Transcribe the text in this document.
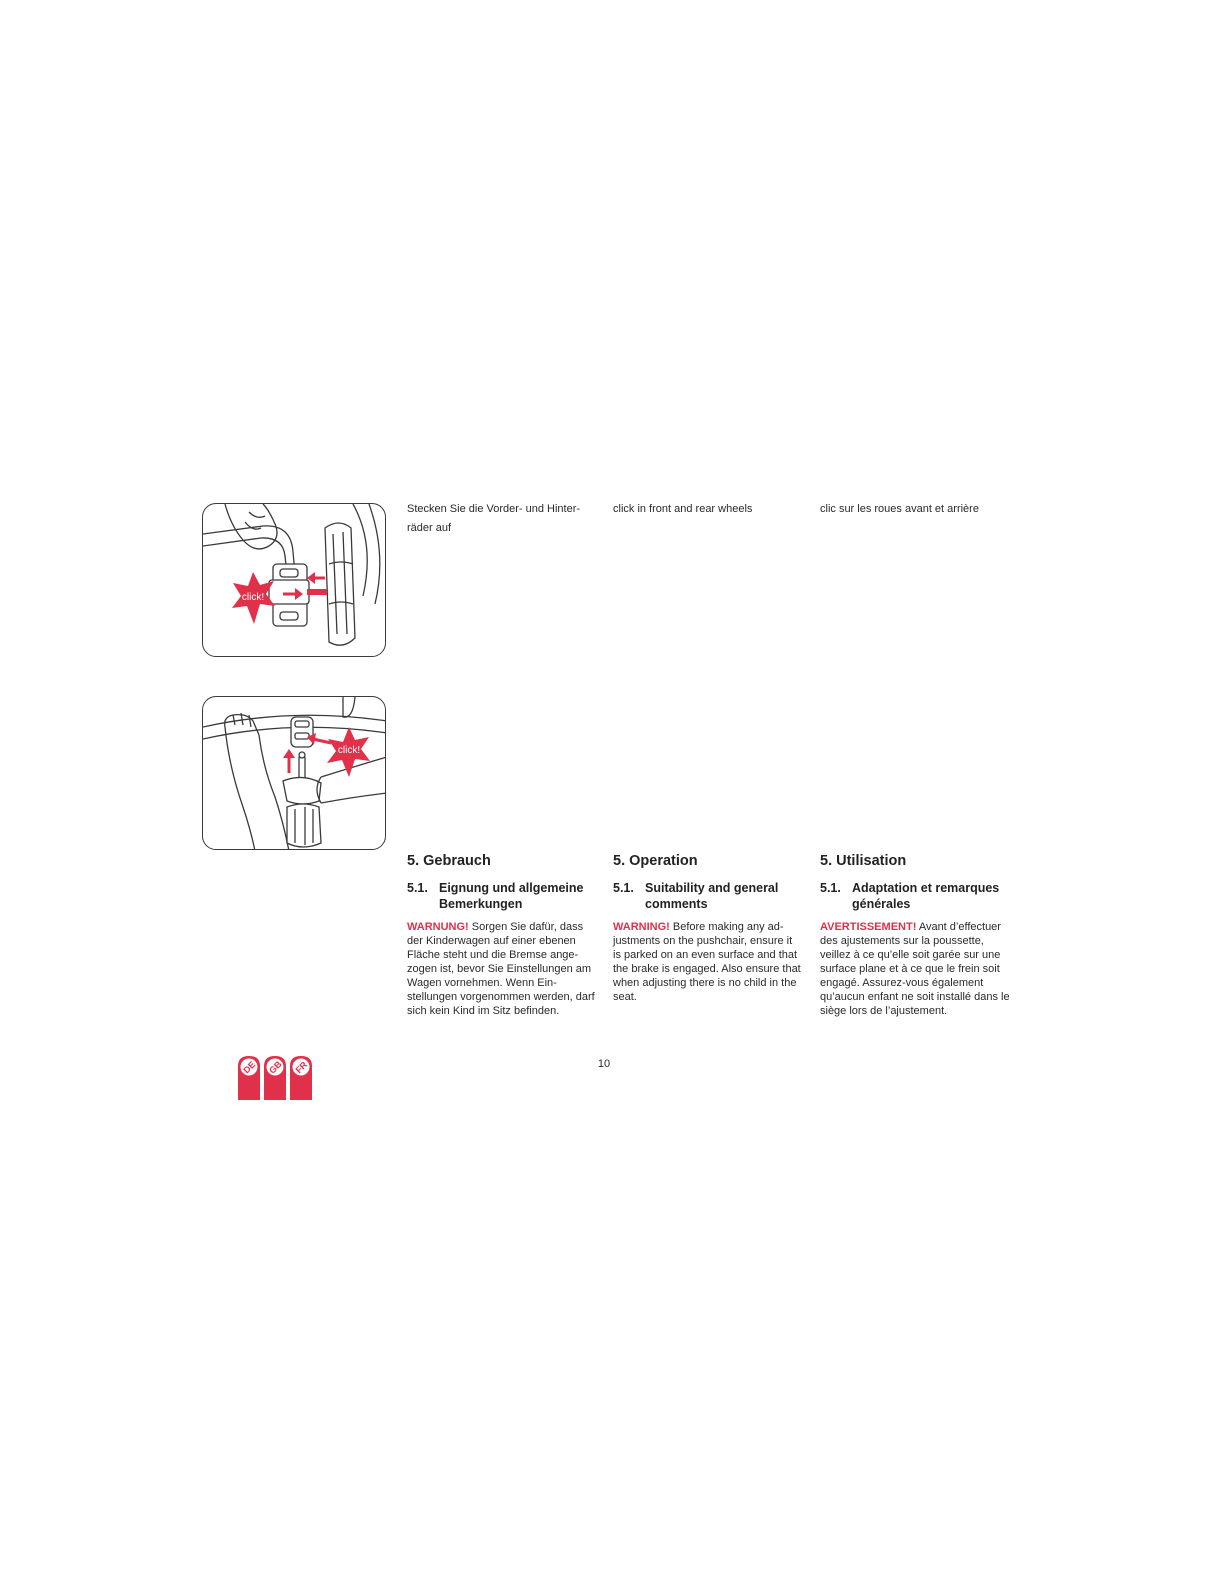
click!
click!
Stecken Sie die Vorder- und Hinter-räder auf
click in front and rear wheels	clic sur les roues avant et arrière
5. Gebrauch
5.1. Eignung und allgemeine Bemerkungen
WARNUNG! Sorgen Sie dafür, dass der Kinderwagen auf einer ebenen Fläche steht und die Bremse ange-zogen ist, bevor Sie Einstellungen am Wagen vornehmen. Wenn Ein-stellungen vorgenommen werden, darf sich kein Kind im Sitz befinden.
5. Operation
5.1. Suitability and general comments
WARNING! Before making any ad-justments on the pushchair, ensure it is parked on an even surface and that the brake is engaged. Also ensure that when adjusting there is no child in the seat.
5. Utilisation
5.1. Adaptation et remarques générales
AVERTISSEMENT! Avant d’effectuer des ajustements sur la poussette, veillez à ce qu’elle soit garée sur une surface plane et à ce que le frein soit engagé. Assurez-vous également qu’aucun enfant ne soit installé dans le siège lors de l’ajustement.
10
DE GB FR
